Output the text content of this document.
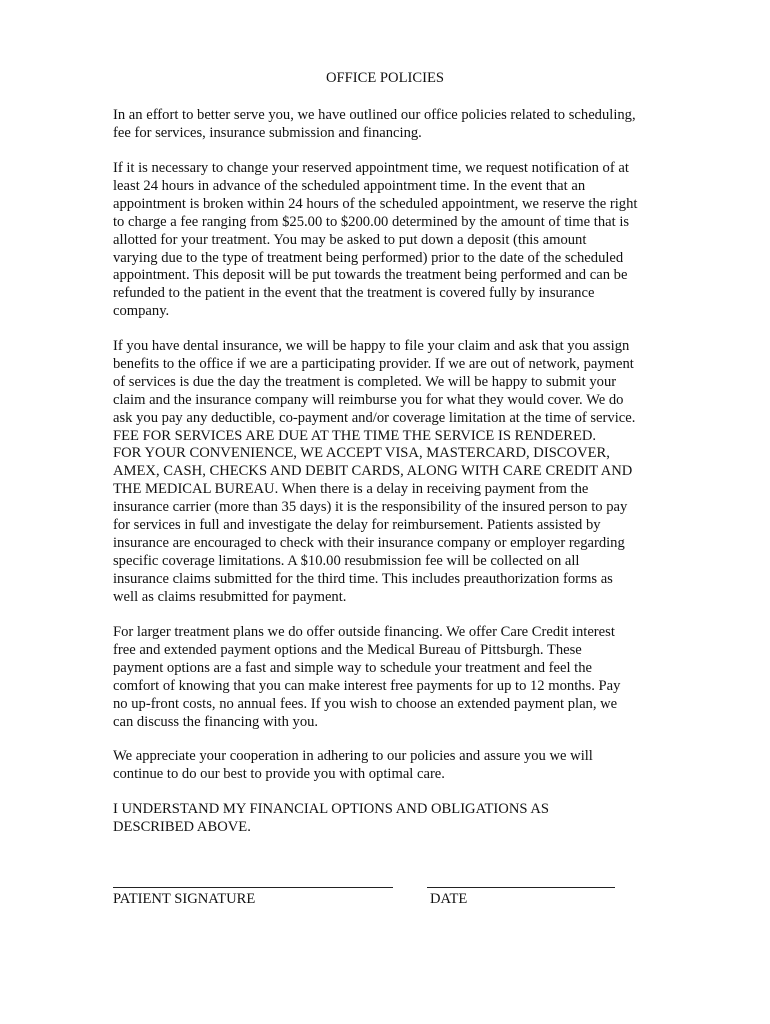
OFFICE POLICIES

In an effort to better serve you, we have outlined our office policies related to scheduling,
fee for services, insurance submission and financing.

If it is necessary to change your reserved appointment time, we request notification of at
least 24 hours in advance of the scheduled appointment time. In the event that an
appointment is broken within 24 hours of the scheduled appointment, we reserve the right
to charge a fee ranging from $25.00 to $200.00 determined by the amount of time that is
allotted for your treatment. You may be asked to put down a deposit (this amount
varying due to the type of treatment being performed) prior to the date of the scheduled
appointment. This deposit will be put towards the treatment being performed and can be
refunded to the patient in the event that the treatment is covered fully by insurance
company.

If you have dental insurance, we will be happy to file your claim and ask that you assign
benefits to the office if we are a participating provider. If we are out of network, payment
of services is due the day the treatment is completed. We will be happy to submit your
claim and the insurance company will reimburse you for what they would cover. We do
ask you pay any deductible, co-payment and/or coverage limitation at the time of service.
FEE FOR SERVICES ARE DUE AT THE TIME THE SERVICE IS RENDERED.
FOR YOUR CONVENIENCE, WE ACCEPT VISA, MASTERCARD, DISCOVER,
AMEX, CASH, CHECKS AND DEBIT CARDS, ALONG WITH CARE CREDIT AND
THE MEDICAL BUREAU. When there is a delay in receiving payment from the
insurance carrier (more than 35 days) it is the responsibility of the insured person to pay
for services in full and investigate the delay for reimbursement. Patients assisted by
insurance are encouraged to check with their insurance company or employer regarding
specific coverage limitations. A $10.00 resubmission fee will be collected on all
insurance claims submitted for the third time. This includes preauthorization forms as
well as claims resubmitted for payment.

For larger treatment plans we do offer outside financing. We offer Care Credit interest
free and extended payment options and the Medical Bureau of Pittsburgh. These
payment options are a fast and simple way to schedule your treatment and feel the
comfort of knowing that you can make interest free payments for up to 12 months. Pay
no up-front costs, no annual fees. If you wish to choose an extended payment plan, we
can discuss the financing with you.

We appreciate your cooperation in adhering to our policies and assure you we will
continue to do our best to provide you with optimal care.

I UNDERSTAND MY FINANCIAL OPTIONS AND OBLIGATIONS AS
DESCRIBED ABOVE.

PATIENT SIGNATURE	DATE
